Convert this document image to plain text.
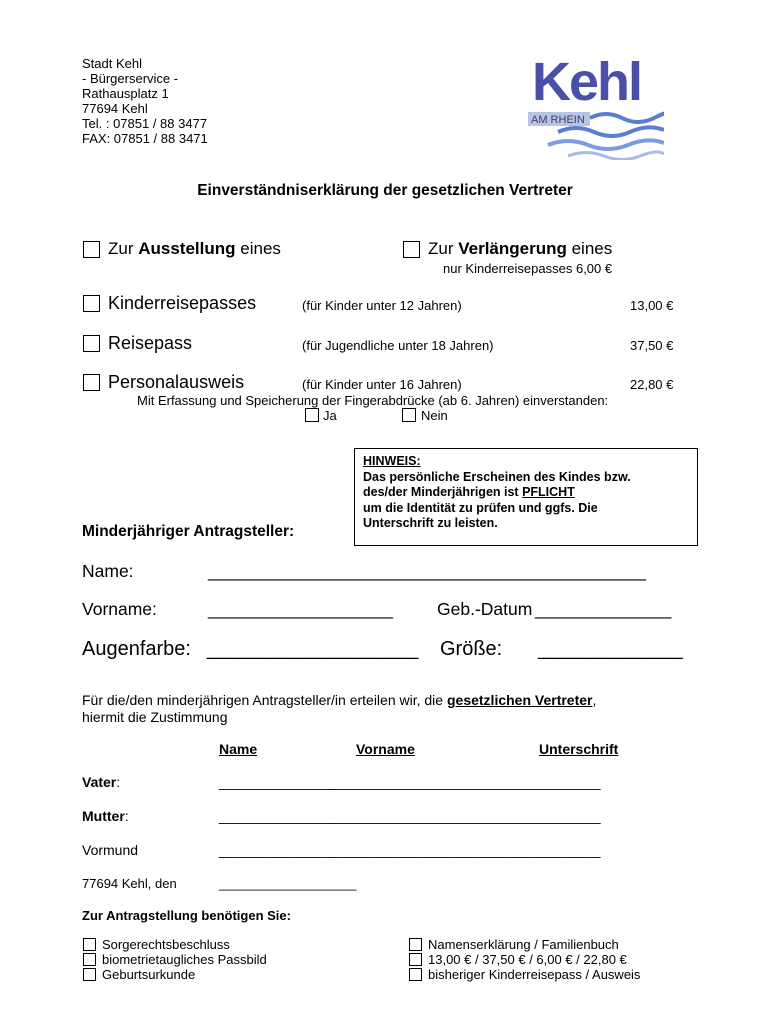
Stadt Kehl
- Bürgerservice -
Rathausplatz 1
77694 Kehl
Tel. : 07851 / 88 3477
FAX: 07851 / 88 3471
Kehl
AM RHEIN
Einverständniserklärung der gesetzlichen Vertreter
Zur Ausstellung eines	Zur Verlängerung eines
nur Kinderreisepasses 6,00 €
Kinderreisepasses	(für Kinder unter 12 Jahren)	13,00 €
Reisepass	(für Jugendliche unter 18 Jahren)	37,50 €
Personalausweis	(für Kinder unter 16 Jahren)	22,80 €
Mit Erfassung und Speicherung der Fingerabdrücke (ab 6. Jahren) einverstanden:
Ja	Nein
HINWEIS:
Das persönliche Erscheinen des Kindes bzw.
des/der Minderjährigen ist PFLICHT
um die Identität zu prüfen und ggfs. Die
Unterschrift zu leisten.
Minderjähriger Antragsteller:
Name:	_____________________________________________
Vorname:	___________________	Geb.-Datum ______________
Augenfarbe: ___________________ Größe: _____________
Für die/den minderjährigen Antragsteller/in erteilen wir, die gesetzlichen Vertreter,
hiermit die Zustimmung
Name	Vorname	Unterschrift
Vater:	_________________________________________________
Mutter:	_________________________________________________
Vormund	_________________________________________________
77694 Kehl, den	___________________
Zur Antragstellung benötigen Sie:
Sorgerechtsbeschluss
biometrietaugliches Passbild
Geburtsurkunde
Namenserklärung / Familienbuch
13,00 € / 37,50 € / 6,00 € / 22,80 €
bisheriger Kinderreisepass / Ausweis
